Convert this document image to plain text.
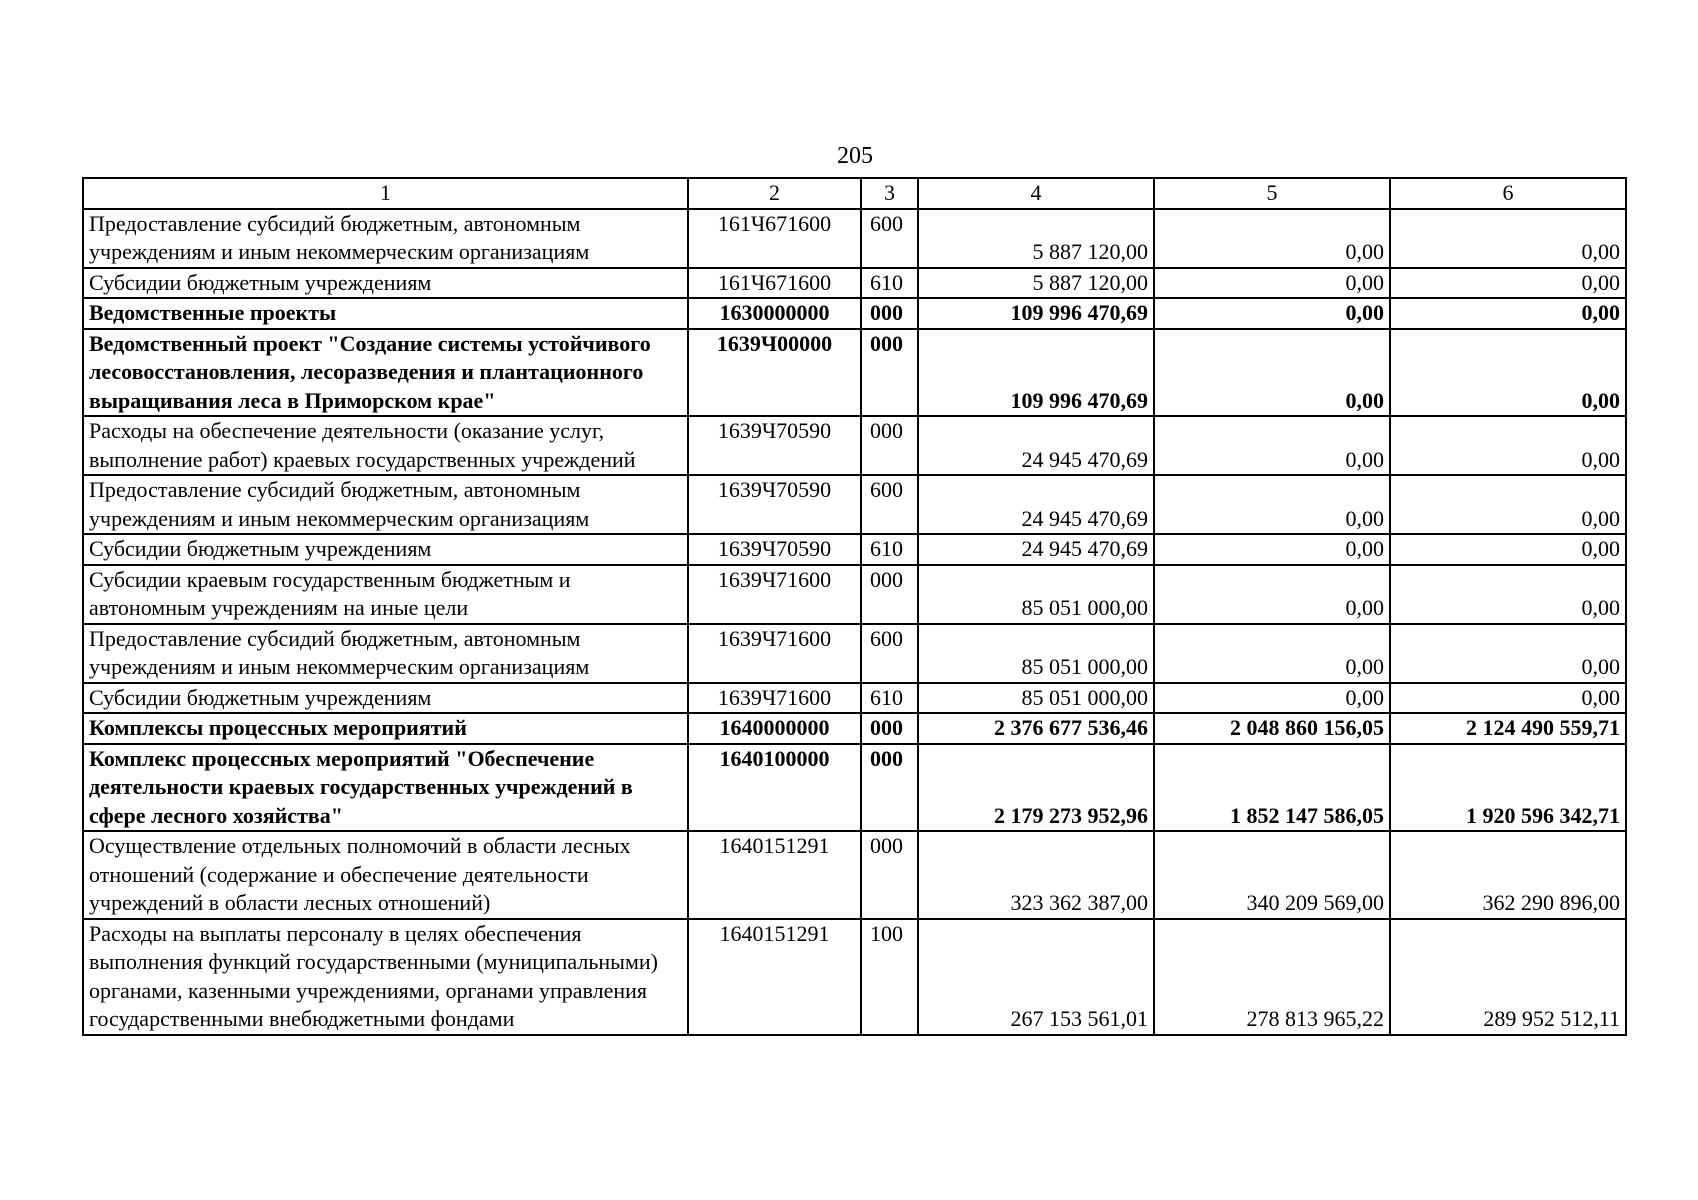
205
1	2	3	4	5	6
Предоставление субсидий бюджетным, автономным учреждениям и иным некоммерческим организациям	161Ч671600	600	5 887 120,00	0,00	0,00
Субсидии бюджетным учреждениям	161Ч671600	610	5 887 120,00	0,00	0,00
Ведомственные проекты	1630000000	000	109 996 470,69	0,00	0,00
Ведомственный проект "Создание системы устойчивого лесовосстановления, лесоразведения и плантационного выращивания леса в Приморском крае"	1639Ч00000	000	109 996 470,69	0,00	0,00
Расходы на обеспечение деятельности (оказание услуг, выполнение работ) краевых государственных учреждений	1639Ч70590	000	24 945 470,69	0,00	0,00
Предоставление субсидий бюджетным, автономным учреждениям и иным некоммерческим организациям	1639Ч70590	600	24 945 470,69	0,00	0,00
Субсидии бюджетным учреждениям	1639Ч70590	610	24 945 470,69	0,00	0,00
Субсидии краевым государственным бюджетным и автономным учреждениям на иные цели	1639Ч71600	000	85 051 000,00	0,00	0,00
Предоставление субсидий бюджетным, автономным учреждениям и иным некоммерческим организациям	1639Ч71600	600	85 051 000,00	0,00	0,00
Субсидии бюджетным учреждениям	1639Ч71600	610	85 051 000,00	0,00	0,00
Комплексы процессных мероприятий	1640000000	000	2 376 677 536,46	2 048 860 156,05	2 124 490 559,71
Комплекс процессных мероприятий "Обеспечение деятельности краевых государственных учреждений в сфере лесного хозяйства"	1640100000	000	2 179 273 952,96	1 852 147 586,05	1 920 596 342,71
Осуществление отдельных полномочий в области лесных отношений (содержание и обеспечение деятельности учреждений в области лесных отношений)	1640151291	000	323 362 387,00	340 209 569,00	362 290 896,00
Расходы на выплаты персоналу в целях обеспечения выполнения функций государственными (муниципальными) органами, казенными учреждениями, органами управления государственными внебюджетными фондами	1640151291	100	267 153 561,01	278 813 965,22	289 952 512,11
